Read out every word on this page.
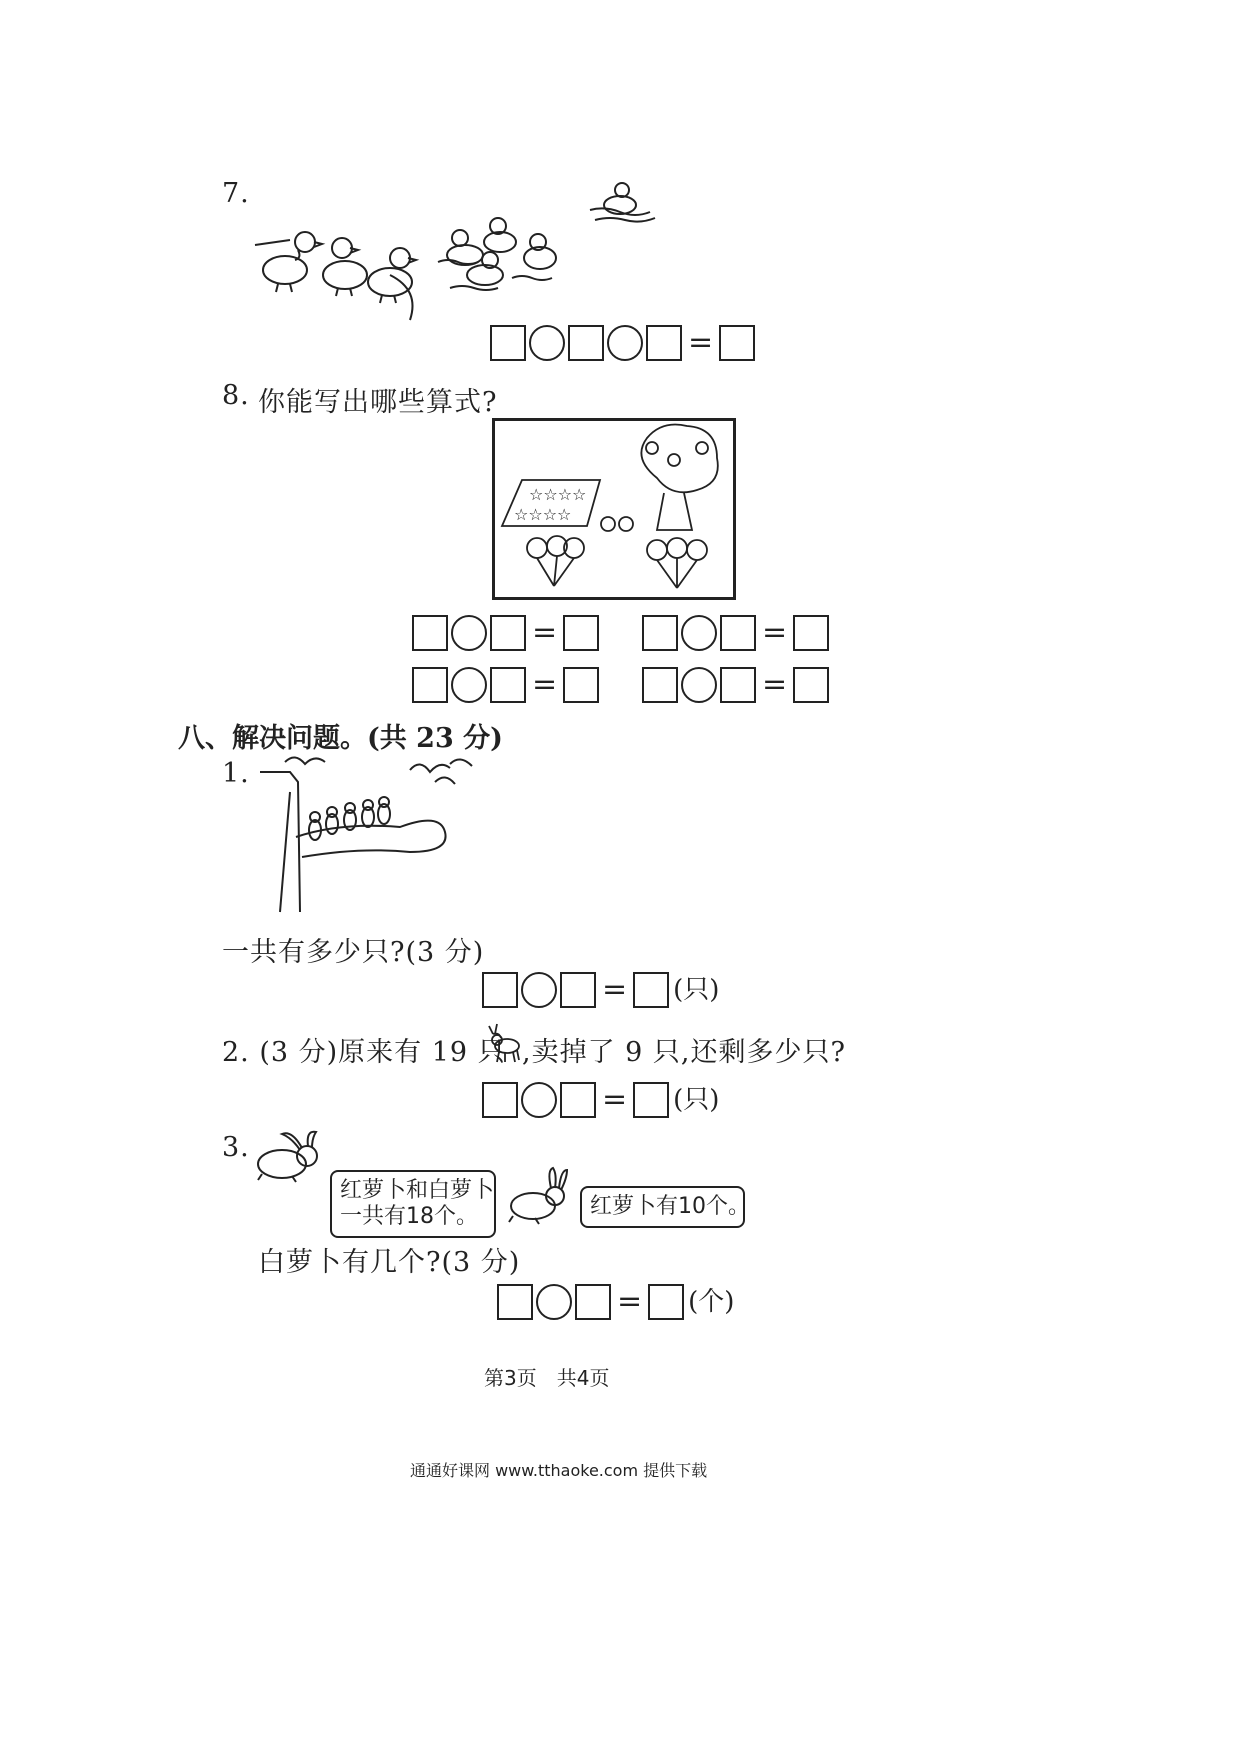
7.
=
8. 你能写出哪些算式?
☆☆☆☆
☆☆☆☆
=	=
=	=
八、解决问题。(共 23 分)
1.
一共有多少只?(3 分)
= (只)
2. (3 分)原来有 19 只 ,卖掉了 9 只,还剩多少只?
= (只)
3.
红萝卜和白萝卜
一共有18个。	红萝卜有10个。
白萝卜有几个?(3 分)
= (个)
第3页　共4页
通通好课网 www.tthaoke.com 提供下载
